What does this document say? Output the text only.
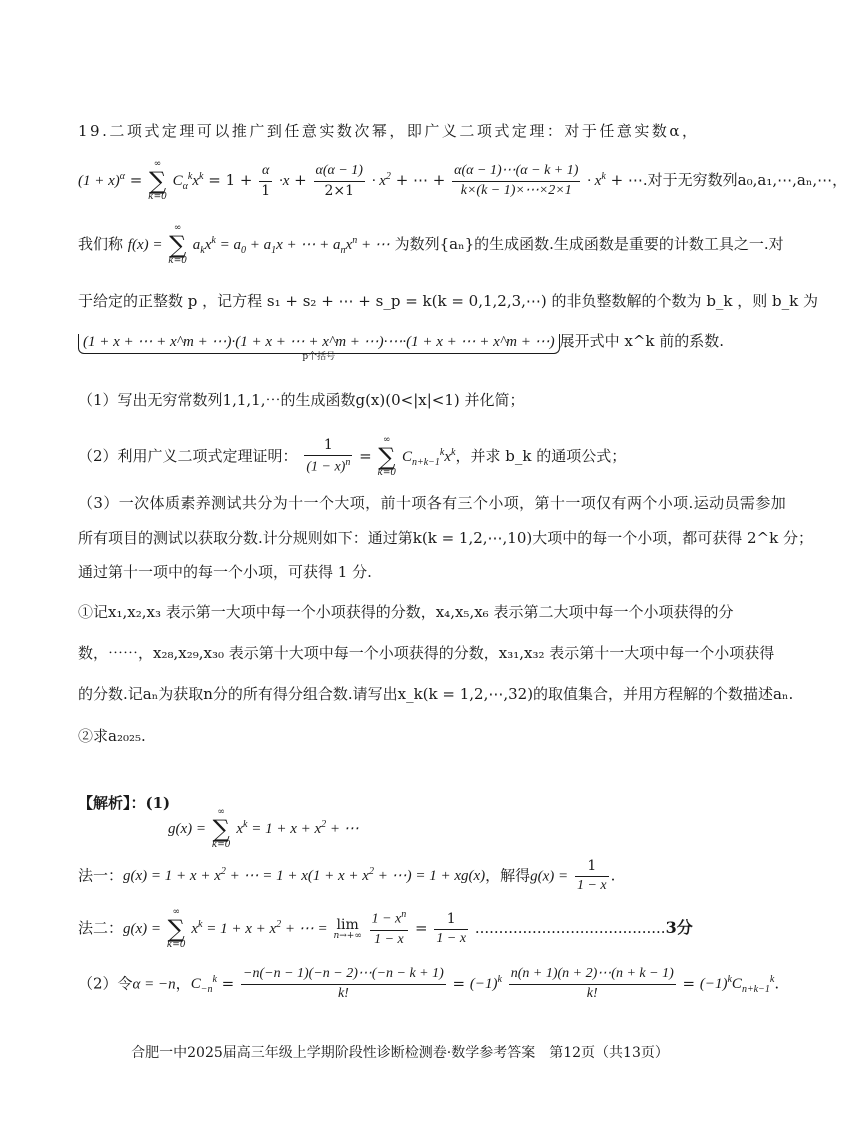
19.二项式定理可以推广到任意实数次幂，即广义二项式定理：对于任意实数α，
$(1 + x)^\alpha$ =
∞
∑
k=0
$C_\alpha^kx^k = 1 + \frac{\alpha}{1} \cdot x + \frac{\alpha(\alpha - 1)}{2\times 1} \cdot x^2$ + ⋯ + $\frac{\alpha(\alpha - 1)\cdots(\alpha - k + 1)}{k\times(k - 1)\times\cdots\times 2\times 1} \cdot x^k$ + ⋯.对于无穷数列a₀,a₁,⋯,aₙ,⋯，
我们称 f(x) =
∞
∑
k=0
$a_kx^k = a_0 + a_1x$ + ⋯ + $a_nx^n$ + ⋯ 为数列{aₙ}的生成函数.生成函数是重要的计数工具之一.对
于给定的正整数 p ，记方程 s₁ + s₂ + ⋯ + s_p = k(k = 0,1,2,3,⋯) 的非负整数解的个数为 b_k ，则 b_k 为
(1 + x + ⋯ + x^m + ⋯)·(1 + x + ⋯ + x^m + ⋯)·⋯·(1 + x + ⋯ + x^m + ⋯)
p个括号
展开式中 x^k 前的系数.
（1）写出无穷常数列1,1,1,⋯的生成函数g(x)(0<|x|<1) 并化简；
（2）利用广义二项式定理证明： $\frac{1}{(1 - x)^n}$ =
∞
∑
k=0
$C_{n+k-1}^kx^k$，并求 b_k 的通项公式；
（3）一次体质素养测试共分为十一个大项，前十项各有三个小项，第十一项仅有两个小项.运动员需参加
所有项目的测试以获取分数.计分规则如下：通过第k(k = 1,2,⋯,10)大项中的每一个小项，都可获得 2^k 分；
通过第十一项中的每一个小项，可获得 1 分.
①记x₁,x₂,x₃ 表示第一大项中每一个小项获得的分数，x₄,x₅,x₆ 表示第二大项中每一个小项获得的分
数，⋯⋯，x₂₈,x₂₉,x₃₀ 表示第十大项中每一个小项获得的分数，x₃₁,x₃₂ 表示第十一大项中每一个小项获得
的分数.记aₙ为获取n分的所有得分组合数.请写出x_k(k = 1,2,⋯,32)的取值集合，并用方程解的个数描述aₙ.
②求a₂₀₂₅.
【解析】：(1)
g(x) =
∞
∑
k=0
$x^k = 1 + x + x^2$ + ⋯
法一：$g(x) = 1 + x + x^2$ + ⋯ = $1 + x(1 + x + x^2$ + ⋯) = 1 + xg(x)，解得$g(x) = \frac{1}{1 - x}$ .
法二：g(x) =
∞
∑
k=0
$x^k = 1 + x + x^2$ + ⋯ = lim
n→+∞
$\frac{1 - x^n}{1 - x} = \frac{1}{1 - x} ........................................3$分
（2）令α = −n，$C_{-n}^k = \frac{-n(-n - 1)(-n - 2)\cdots(-n - k + 1)}{k!} = (-1)^k \frac{n(n + 1)(n + 2)\cdots(n + k - 1)}{k!} = (-1)^kC_{n+k-1}^k$.
合肥一中2025届高三年级上学期阶段性诊断检测卷·数学参考答案　第12页（共13页）
